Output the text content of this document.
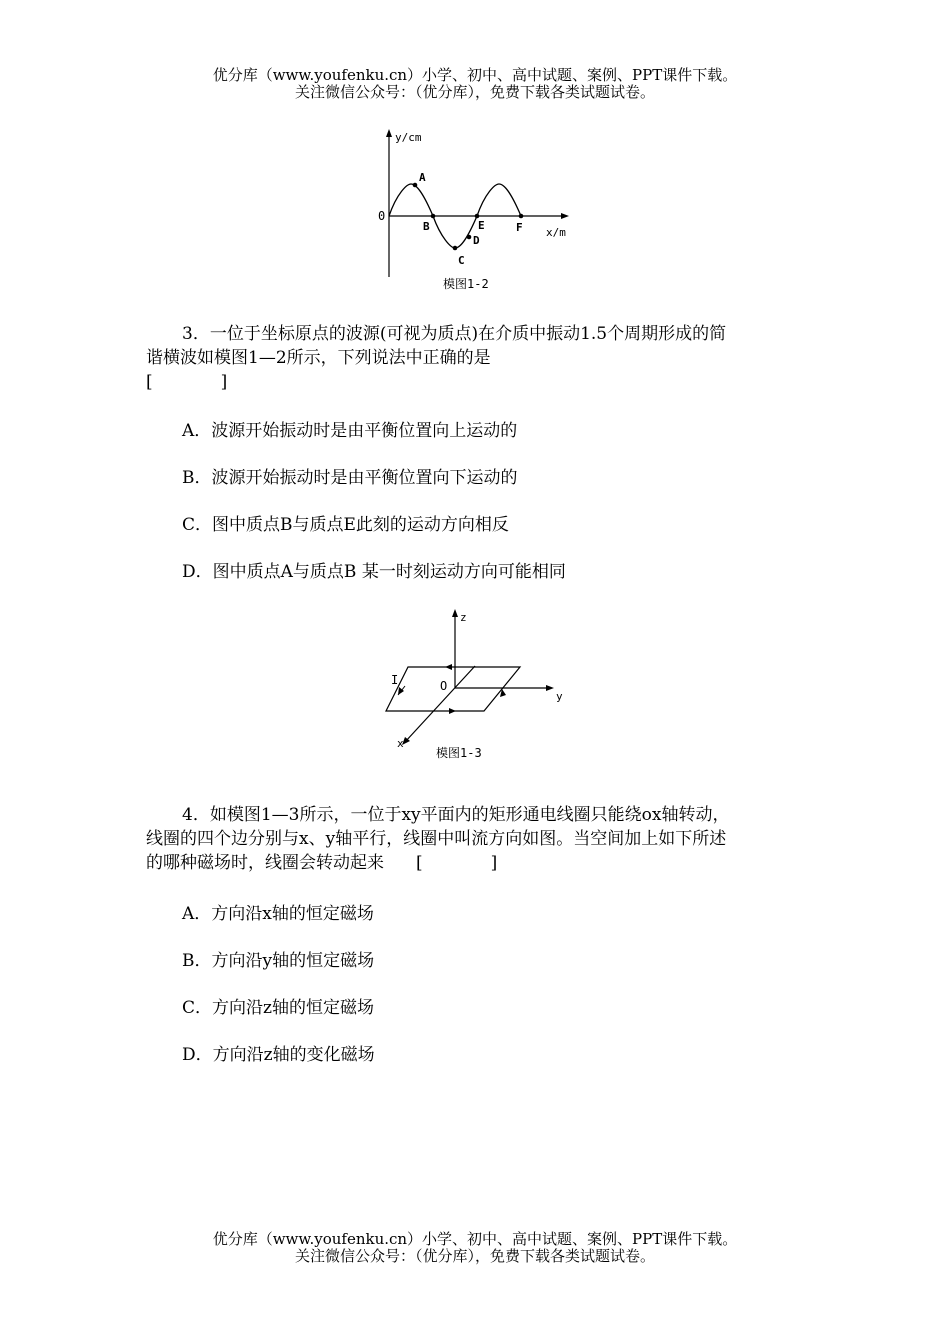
优分库（www.youfenku.cn）小学、初中、高中试题、案例、PPT课件下载。
关注微信公众号：（优分库），免费下载各类试题试卷。
y/cm
x/m
0
A
B
C
D
E	F
模图1-2
3．一位于坐标原点的波源(可视为质点)在介质中振动1.5个周期形成的简
谐横波如模图1—2所示，下列说法中正确的是
[	]
A．波源开始振动时是由平衡位置向上运动的
B．波源开始振动时是由平衡位置向下运动的
C．图中质点B与质点E此刻的运动方向相反
D．图中质点A与质点B 某一时刻运动方向可能相同
z
y
x
O
I
模图1-3
4．如模图1—3所示，一位于xy平面内的矩形通电线圈只能绕ox轴转动，
线圈的四个边分别与x、y轴平行，线圈中叫流方向如图。当空间加上如下所述
的哪种磁场时，线圈会转动起来 [	]
A．方向沿x轴的恒定磁场
B．方向沿y轴的恒定磁场
C．方向沿z轴的恒定磁场
D．方向沿z轴的变化磁场
优分库（www.youfenku.cn）小学、初中、高中试题、案例、PPT课件下载。
关注微信公众号：（优分库），免费下载各类试题试卷。
